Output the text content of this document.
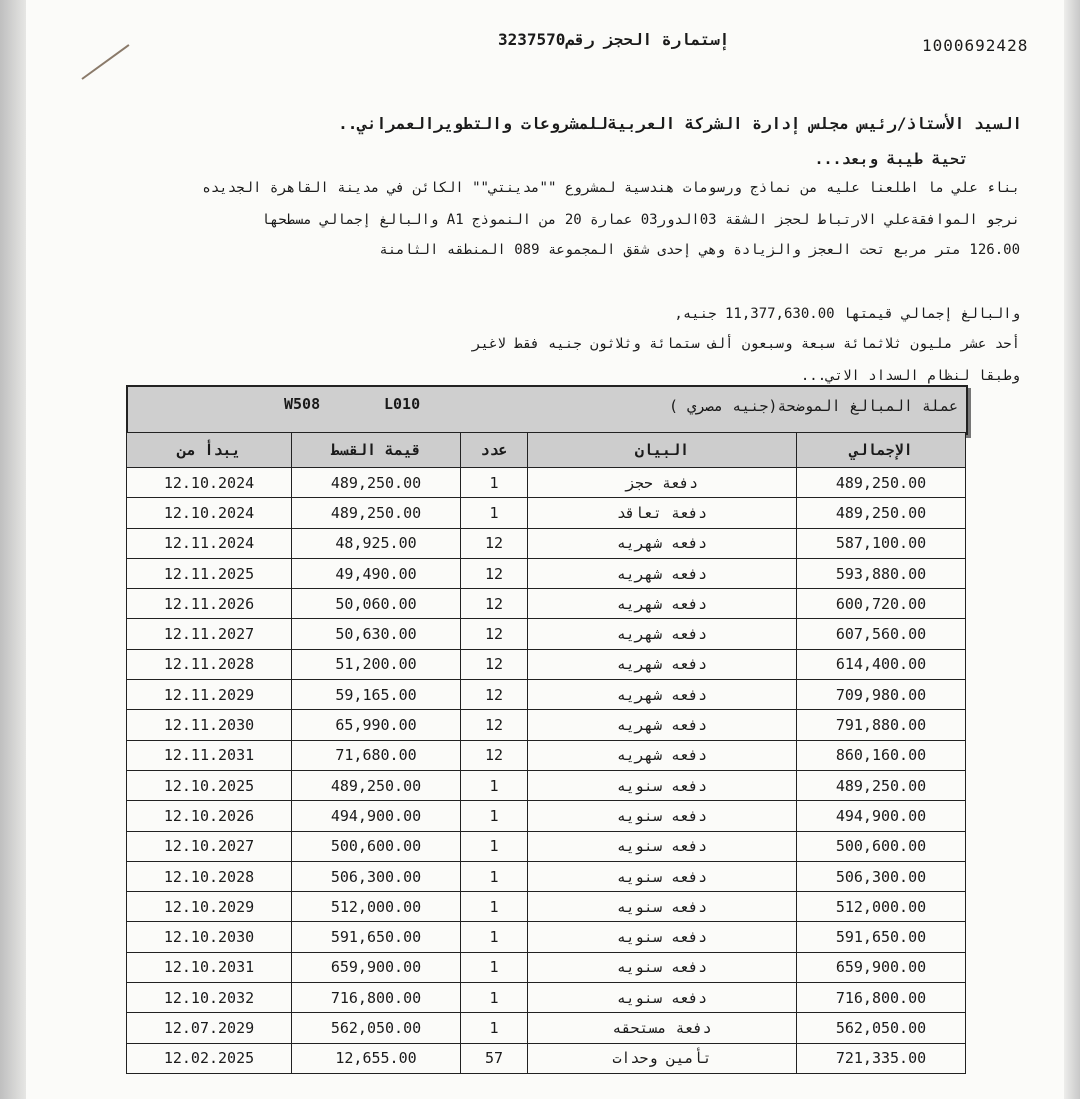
1000692428
إستمارة الحجز رقم3237570
السيد الأستاذ/رئيس مجلس إدارة الشركة العربيةللمشروعات والتطويرالعمراني..
تحية طيبة وبعد...
بناء علي ما اطلعنا عليه من نماذج ورسومات هندسية لمشروع ""مدينتي"" الكائن في مدينة القاهرة الجديده
نرجو الموافقةعلي الارتباط لحجز الشقة 03الدور03 عمارة 20 من النموذج A1 والبالغ إجمالي مسطحها
126.00 متر مربع تحت العجز والزيادة وهي إحدى شقق المجموعة 089 المنطقه الثامنة
والبالغ إجمالي قيمتها 11,377,630.00 جنيه,
أحد عشر مليون ثلاثمائة سبعة وسبعون ألف ستمائة وثلاثون جنيه فقط لاغير
وطبقا لنظام السداد الاتي...
عملة المبالغ الموضحة(جنيه مصري )
W508	L010
يبدأ من	قيمة القسط	عدد	البيان	الإجمالي
12.10.2024	489,250.00	1	دفعة حجز	489,250.00
12.10.2024	489,250.00	1	دفعة تعاقد	489,250.00
12.11.2024	48,925.00	12	دفعه شهريه	587,100.00
12.11.2025	49,490.00	12	دفعه شهريه	593,880.00
12.11.2026	50,060.00	12	دفعه شهريه	600,720.00
12.11.2027	50,630.00	12	دفعه شهريه	607,560.00
12.11.2028	51,200.00	12	دفعه شهريه	614,400.00
12.11.2029	59,165.00	12	دفعه شهريه	709,980.00
12.11.2030	65,990.00	12	دفعه شهريه	791,880.00
12.11.2031	71,680.00	12	دفعه شهريه	860,160.00
12.10.2025	489,250.00	1	دفعه سنويه	489,250.00
12.10.2026	494,900.00	1	دفعه سنويه	494,900.00
12.10.2027	500,600.00	1	دفعه سنويه	500,600.00
12.10.2028	506,300.00	1	دفعه سنويه	506,300.00
12.10.2029	512,000.00	1	دفعه سنويه	512,000.00
12.10.2030	591,650.00	1	دفعه سنويه	591,650.00
12.10.2031	659,900.00	1	دفعه سنويه	659,900.00
12.10.2032	716,800.00	1	دفعه سنويه	716,800.00
12.07.2029	562,050.00	1	دفعة مستحقه	562,050.00
12.02.2025	12,655.00	57	تأمين وحدات	721,335.00
